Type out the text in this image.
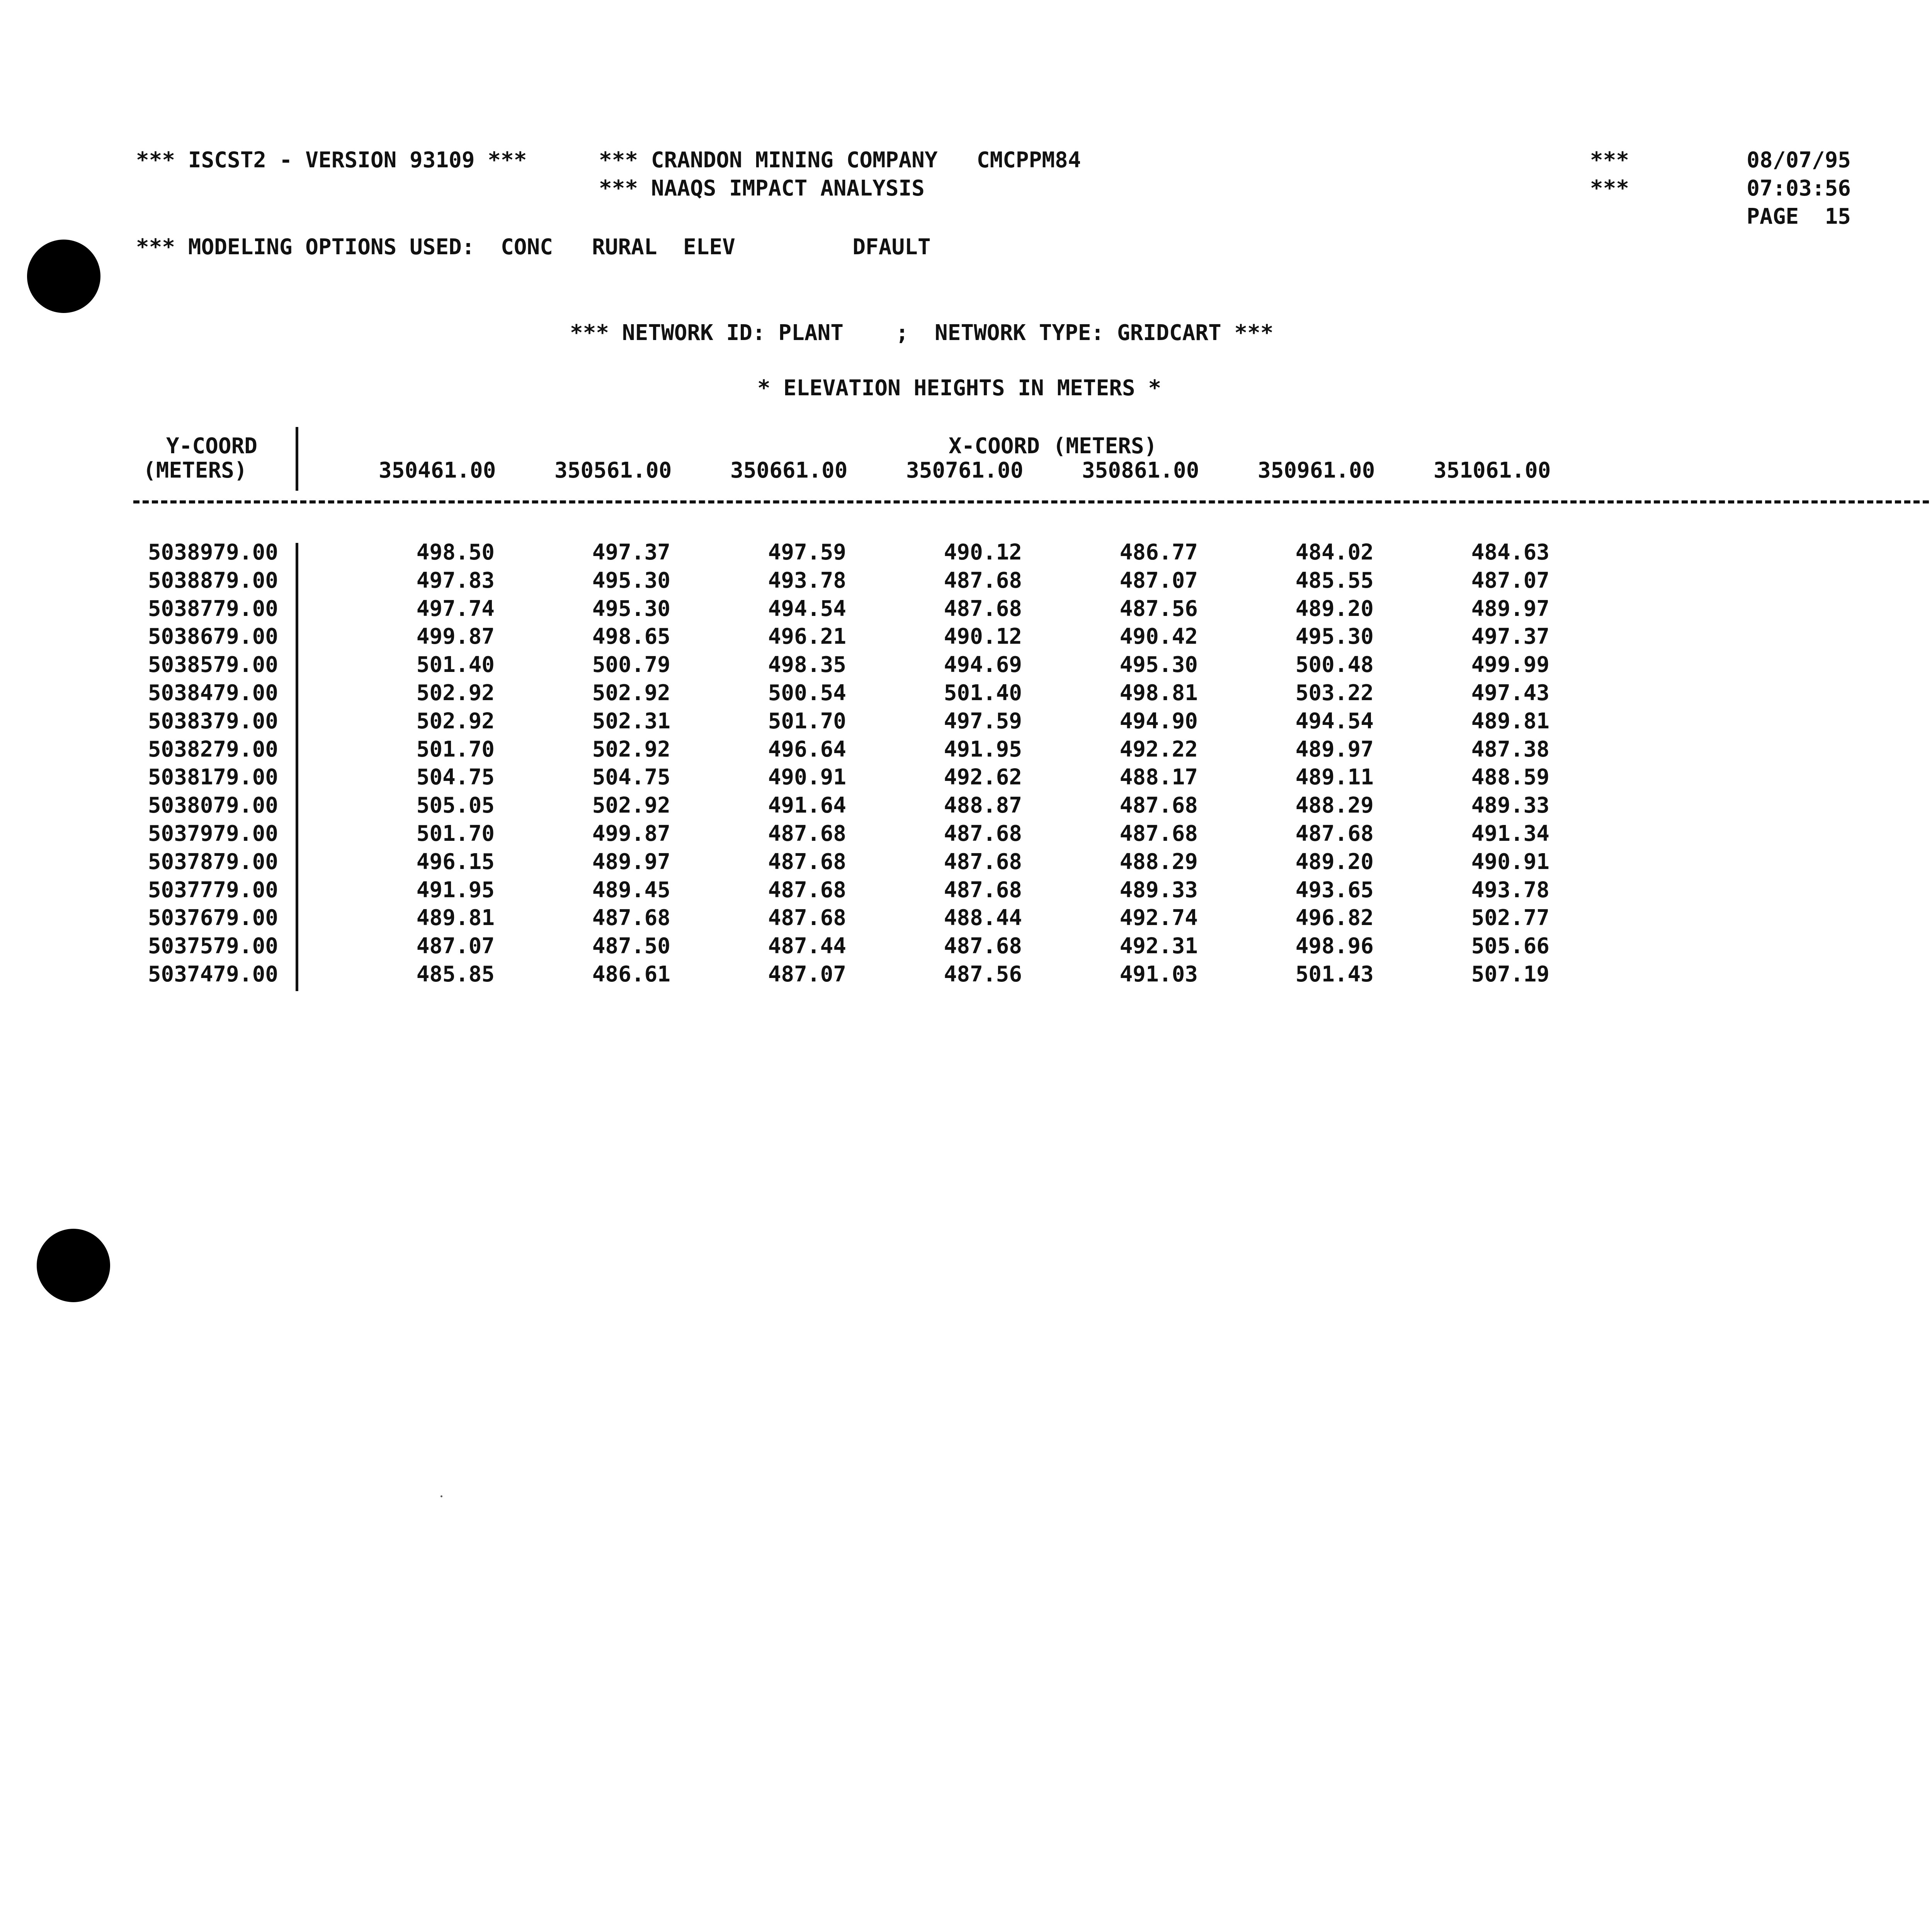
*** ISCST2 - VERSION 93109 ***	*** CRANDON MINING COMPANY   CMCPPM84
*** NAAQS IMPACT ANALYSIS
***
***
08/07/95
07:03:56
PAGE  15
*** MODELING OPTIONS USED:  CONC   RURAL  ELEV         DFAULT
*** NETWORK ID: PLANT    ;  NETWORK TYPE: GRIDCART ***
* ELEVATION HEIGHTS IN METERS *
Y-COORD
(METERS)
X-COORD (METERS)
350461.00	350561.00	350661.00	350761.00	350861.00	350961.00	351061.00
5038979.00	498.50	497.37	497.59	490.12	486.77	484.02	484.63
5038879.00	497.83	495.30	493.78	487.68	487.07	485.55	487.07
5038779.00	497.74	495.30	494.54	487.68	487.56	489.20	489.97
5038679.00	499.87	498.65	496.21	490.12	490.42	495.30	497.37
5038579.00	501.40	500.79	498.35	494.69	495.30	500.48	499.99
5038479.00	502.92	502.92	500.54	501.40	498.81	503.22	497.43
5038379.00	502.92	502.31	501.70	497.59	494.90	494.54	489.81
5038279.00	501.70	502.92	496.64	491.95	492.22	489.97	487.38
5038179.00	504.75	504.75	490.91	492.62	488.17	489.11	488.59
5038079.00	505.05	502.92	491.64	488.87	487.68	488.29	489.33
5037979.00	501.70	499.87	487.68	487.68	487.68	487.68	491.34
5037879.00	496.15	489.97	487.68	487.68	488.29	489.20	490.91
5037779.00	491.95	489.45	487.68	487.68	489.33	493.65	493.78
5037679.00	489.81	487.68	487.68	488.44	492.74	496.82	502.77
5037579.00	487.07	487.50	487.44	487.68	492.31	498.96	505.66
5037479.00	485.85	486.61	487.07	487.56	491.03	501.43	507.19
